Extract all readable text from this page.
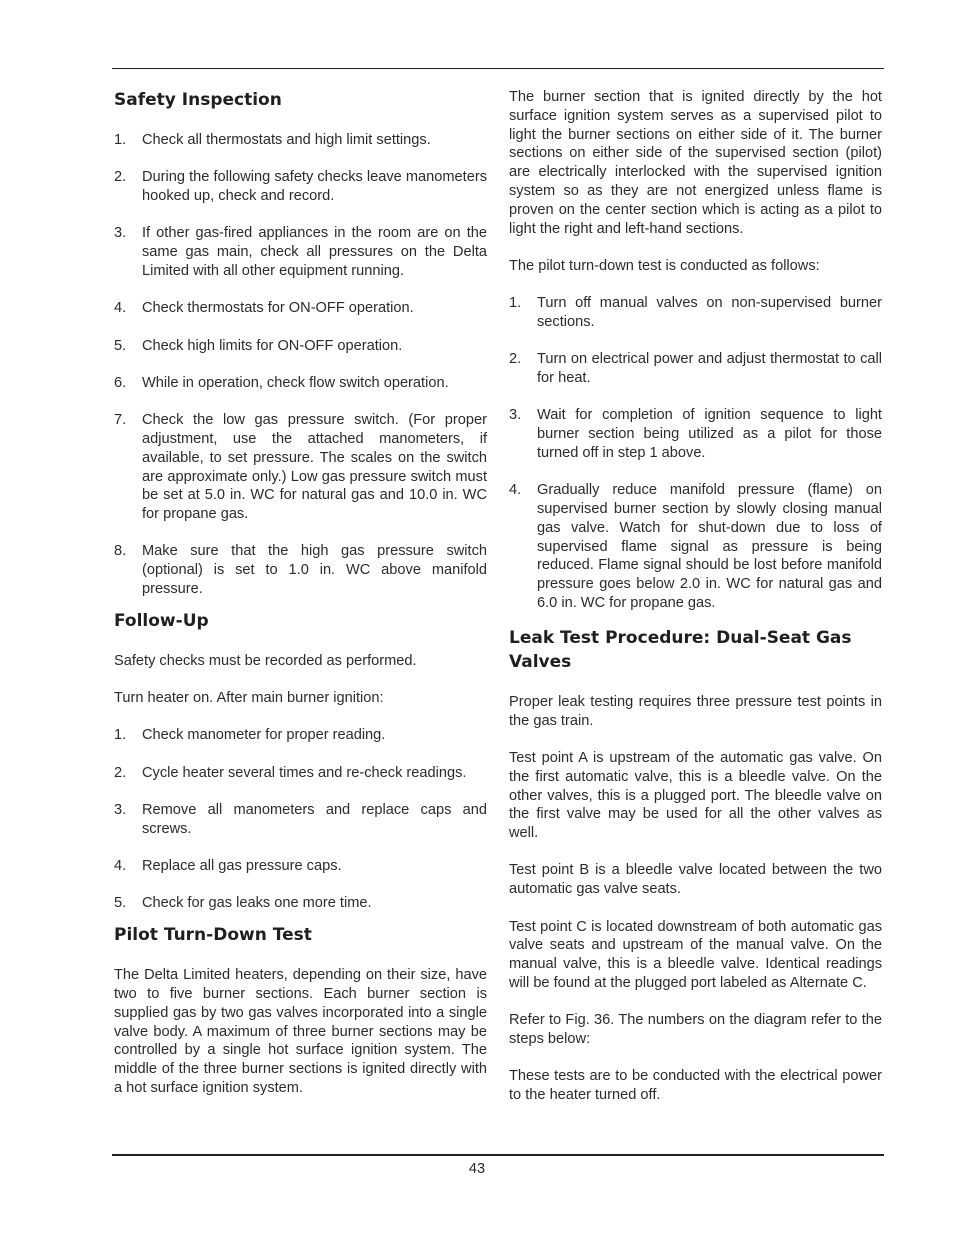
Safety Inspection
1. Check all thermostats and high limit settings.
2. During the following safety checks leave manometers hooked up, check and record.
3. If other gas-fired appliances in the room are on the same gas main, check all pressures on the Delta Limited with all other equipment running.
4. Check thermostats for ON-OFF operation.
5. Check high limits for ON-OFF operation.
6. While in operation, check flow switch operation.
7. Check the low gas pressure switch. (For proper adjustment, use the attached manometers, if available, to set pressure. The scales on the switch are approximate only.) Low gas pressure switch must be set at 5.0 in. WC for natural gas and 10.0 in. WC for propane gas.
8. Make sure that the high gas pressure switch (optional) is set to 1.0 in. WC above manifold pressure.
Follow-Up

Safety checks must be recorded as performed.

Turn heater on. After main burner ignition:

1. Check manometer for proper reading.
2. Cycle heater several times and re-check readings.
3. Remove all manometers and replace caps and screws.
4. Replace all gas pressure caps.
5. Check for gas leaks one more time.
Pilot Turn-Down Test

The Delta Limited heaters, depending on their size, have two to five burner sections. Each burner section is supplied gas by two gas valves incorporated into a single valve body. A maximum of three burner sections may be controlled by a single hot surface ignition system. The middle of the three burner sections is ignited directly with a hot surface ignition system.

The burner section that is ignited directly by the hot surface ignition system serves as a supervised pilot to light the burner sections on either side of it. The burner sections on either side of the supervised section (pilot) are electrically interlocked with the supervised ignition system so as they are not energized unless flame is proven on the center section which is acting as a pilot to light the right and left-hand sections.

The pilot turn-down test is conducted as follows:

1. Turn off manual valves on non-supervised burner sections.
2. Turn on electrical power and adjust thermostat to call for heat.
3. Wait for completion of ignition sequence to light burner section being utilized as a pilot for those turned off in step 1 above.
4. Gradually reduce manifold pressure (flame) on supervised burner section by slowly closing manual gas valve. Watch for shut-down due to loss of supervised flame signal as pressure is being reduced. Flame signal should be lost before manifold pressure goes below 2.0 in. WC for natural gas and 6.0 in. WC for propane gas.
Leak Test Procedure: Dual-Seat Gas Valves

Proper leak testing requires three pressure test points in the gas train.

Test point A is upstream of the automatic gas valve. On the first automatic valve, this is a bleedle valve. On the other valves, this is a plugged port. The bleedle valve on the first valve may be used for all the other valves as well.

Test point B is a bleedle valve located between the two automatic gas valve seats.

Test point C is located downstream of both automatic gas valve seats and upstream of the manual valve. On the manual valve, this is a bleedle valve. Identical readings will be found at the plugged port labeled as Alternate C.

Refer to Fig. 36. The numbers on the diagram refer to the steps below:

These tests are to be conducted with the electrical power to the heater turned off.

43
